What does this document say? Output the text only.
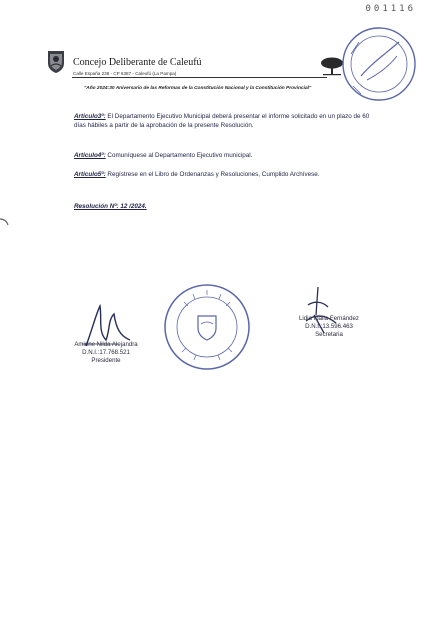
001116
Concejo Deliberante de Caleufú
Calle España 238 - CP 6387 - Caleufú (La Pampa)
"Año 2024:30 Aniversario de las Reformas de la Constitución Nacional y la Constitución Provincial"
Articulo3º: El Departamento Ejecutivo Municipal deberá presentar el informe solicitado en un plazo de 60 días hábiles a partir de la aprobación de la presente Resolución.
Articulo4º: Comuníquese al Departamento Ejecutivo municipal.
Articulo5º: Regístrese en el Libro de Ordenanzas y Resoluciones, Cumplido Archívese.
Resolución Nº: 12 /2024.
Amione Nilda Alejandra
D.N.I.:17.768.521
Presidente
Lidia Idalia Fernández
D.N.I.:13.596.463
Secretaria
